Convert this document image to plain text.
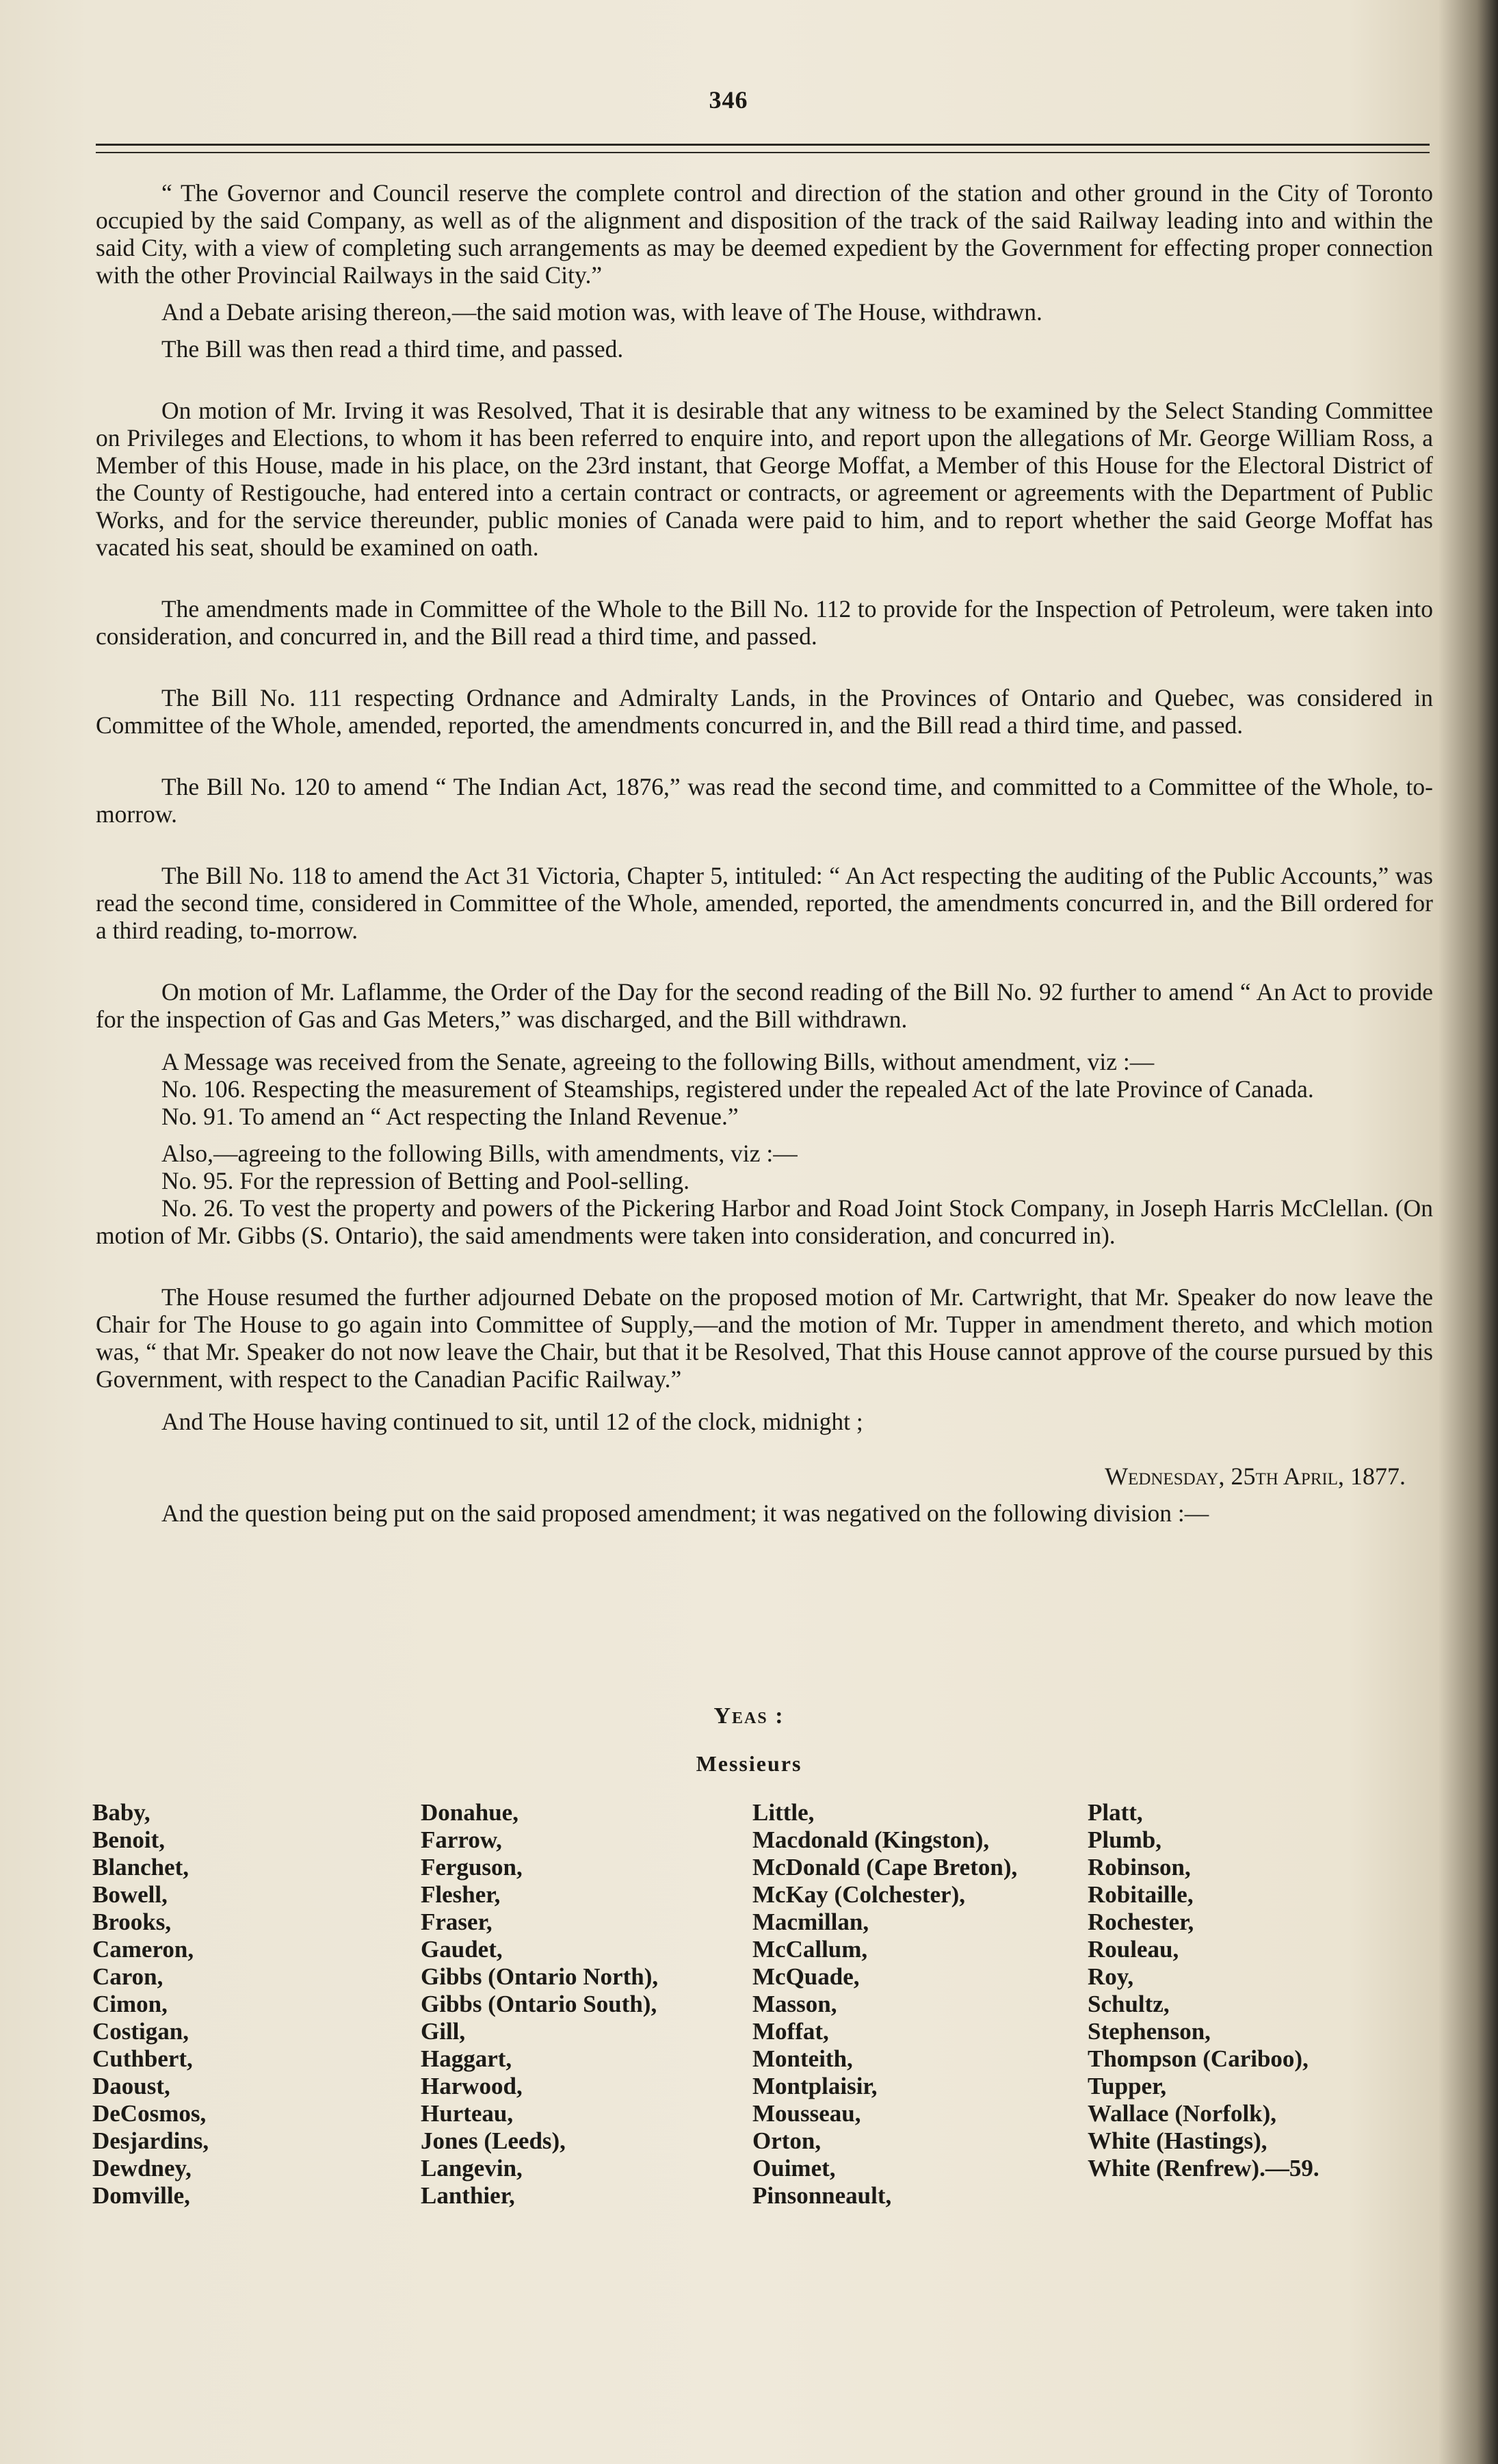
346

“ The Governor and Council reserve the complete control and direction of the station and other ground in the City of Toronto occupied by the said Company, as well as of the alignment and disposition of the track of the said Railway leading into and within the said City, with a view of completing such arrangements as may be deemed expedient by the Government for effecting proper connection with the other Provincial Railways in the said City.”

And a Debate arising thereon,—the said motion was, with leave of The House, withdrawn.

The Bill was then read a third time, and passed.

On motion of Mr. Irving it was Resolved, That it is desirable that any witness to be examined by the Select Standing Committee on Privileges and Elections, to whom it has been referred to enquire into, and report upon the allegations of Mr. George William Ross, a Member of this House, made in his place, on the 23rd instant, that George Moffat, a Member of this House for the Electoral District of the County of Restigouche, had entered into a certain contract or contracts, or agreement or agreements with the Department of Public Works, and for the service thereunder, public monies of Canada were paid to him, and to report whether the said George Moffat has vacated his seat, should be examined on oath.

The amendments made in Committee of the Whole to the Bill No. 112 to provide for the Inspection of Petroleum, were taken into consideration, and concurred in, and the Bill read a third time, and passed.

The Bill No. 111 respecting Ordnance and Admiralty Lands, in the Provinces of Ontario and Quebec, was considered in Committee of the Whole, amended, reported, the amendments concurred in, and the Bill read a third time, and passed.

The Bill No. 120 to amend “ The Indian Act, 1876,” was read the second time, and committed to a Committee of the Whole, to-morrow.

The Bill No. 118 to amend the Act 31 Victoria, Chapter 5, intituled: “ An Act respecting the auditing of the Public Accounts,” was read the second time, considered in Committee of the Whole, amended, reported, the amendments concurred in, and the Bill ordered for a third reading, to-morrow.

On motion of Mr. Laflamme, the Order of the Day for the second reading of the Bill No. 92 further to amend “ An Act to provide for the inspection of Gas and Gas Meters,” was discharged, and the Bill withdrawn.

A Message was received from the Senate, agreeing to the following Bills, without amendment, viz :—

No. 106. Respecting the measurement of Steamships, registered under the repealed Act of the late Province of Canada.

No. 91. To amend an “ Act respecting the Inland Revenue.”

Also,—agreeing to the following Bills, with amendments, viz :—

No. 95. For the repression of Betting and Pool-selling.

No. 26. To vest the property and powers of the Pickering Harbor and Road Joint Stock Company, in Joseph Harris McClellan. (On motion of Mr. Gibbs (S. Ontario), the said amendments were taken into consideration, and concurred in).

The House resumed the further adjourned Debate on the proposed motion of Mr. Cartwright, that Mr. Speaker do now leave the Chair for The House to go again into Committee of Supply,—and the motion of Mr. Tupper in amendment thereto, and which motion was, “ that Mr. Speaker do not now leave the Chair, but that it be Resolved, That this House cannot approve of the course pursued by this Government, with respect to the Canadian Pacific Railway.”

And The House having continued to sit, until 12 of the clock, midnight ;

Wednesday, 25th April, 1877.

And the question being put on the said proposed amendment; it was negatived on the following division :—

Yeas :
Messieurs
Baby,
Benoit,
Blanchet,
Bowell,
Brooks,
Cameron,
Caron,
Cimon,
Costigan,
Cuthbert,
Daoust,
DeCosmos,
Desjardins,
Dewdney,
Domville,
Donahue,
Farrow,
Ferguson,
Flesher,
Fraser,
Gaudet,
Gibbs (Ontario North),
Gibbs (Ontario South),
Gill,
Haggart,
Harwood,
Hurteau,
Jones (Leeds),
Langevin,
Lanthier,
Little,
Macdonald (Kingston),
McDonald (Cape Breton),
McKay (Colchester),
Macmillan,
McCallum,
McQuade,
Masson,
Moffat,
Monteith,
Montplaisir,
Mousseau,
Orton,
Ouimet,
Pinsonneault,
Platt,
Plumb,
Robinson,
Robitaille,
Rochester,
Rouleau,
Roy,
Schultz,
Stephenson,
Thompson (Cariboo),
Tupper,
Wallace (Norfolk),
White (Hastings),
White (Renfrew).—59.
